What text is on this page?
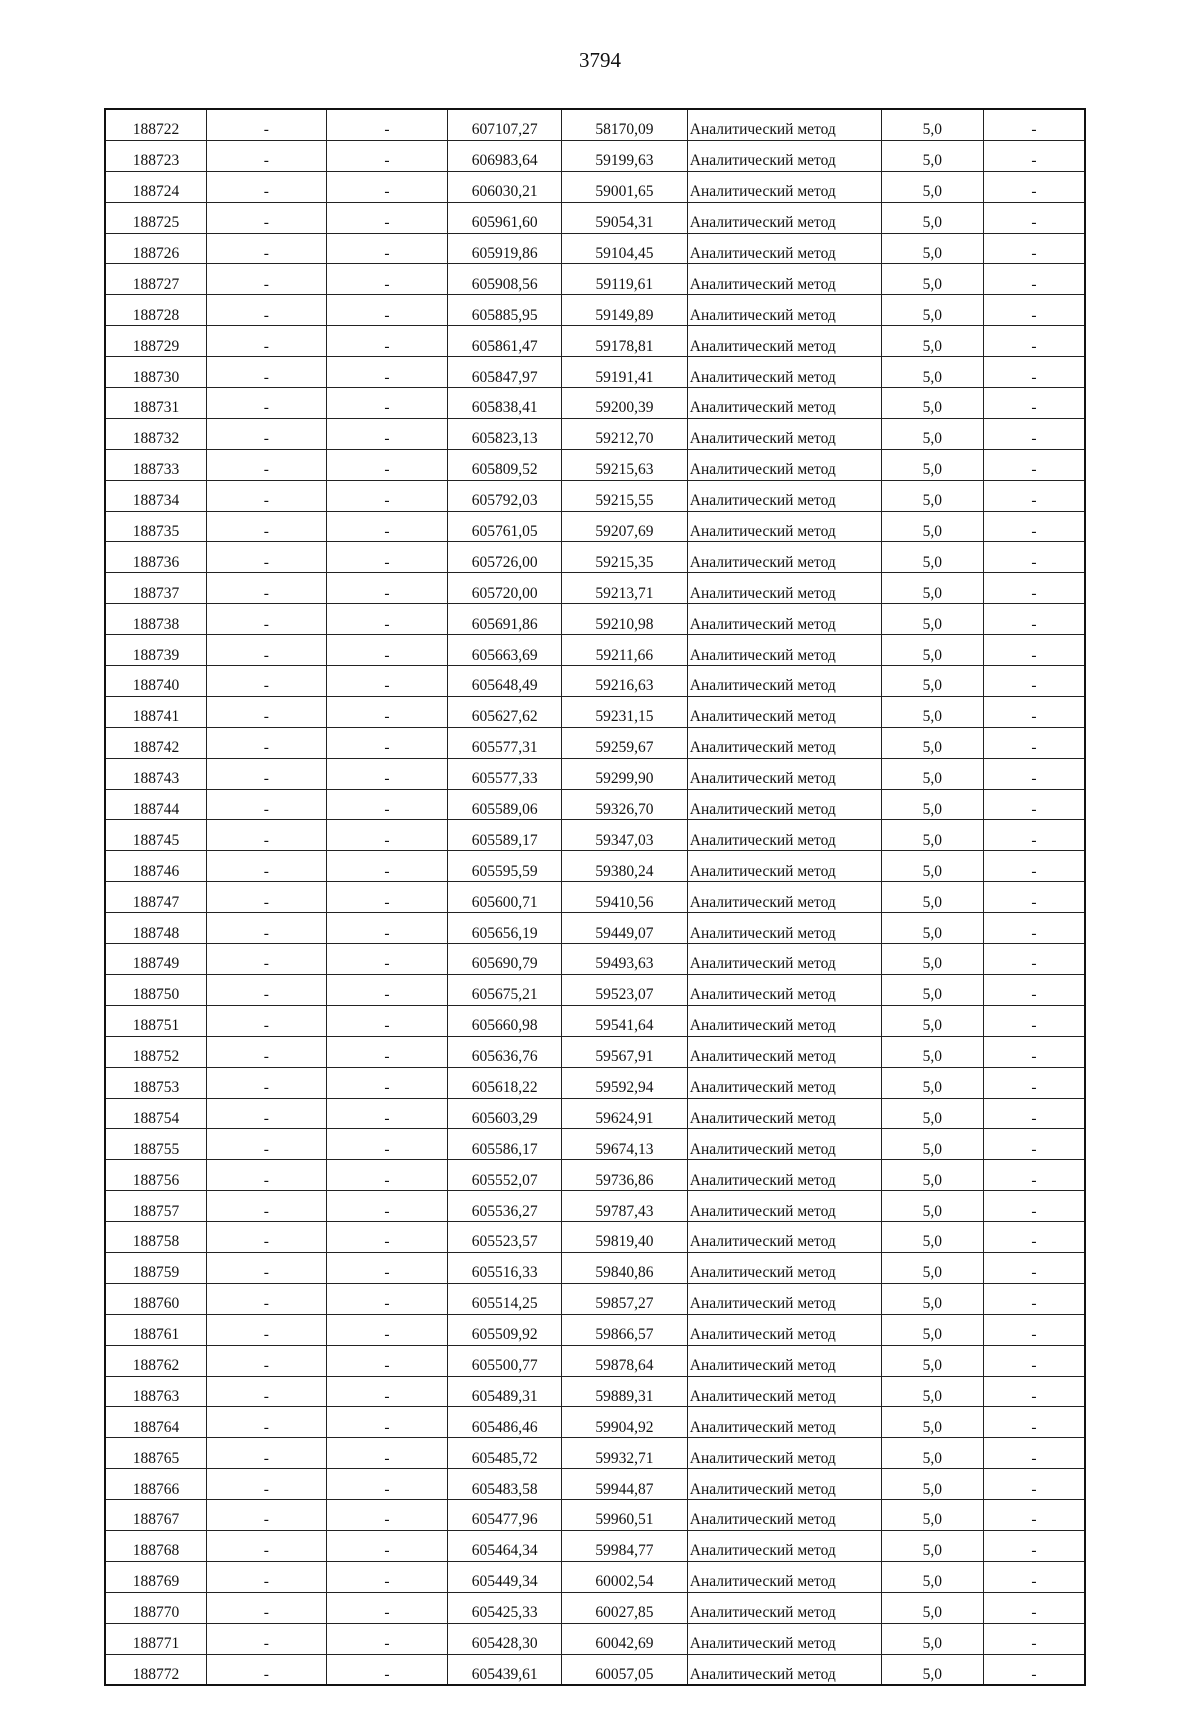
3794
188722	-	-	607107,27	58170,09	Аналитический метод	5,0	-
188723	-	-	606983,64	59199,63	Аналитический метод	5,0	-
188724	-	-	606030,21	59001,65	Аналитический метод	5,0	-
188725	-	-	605961,60	59054,31	Аналитический метод	5,0	-
188726	-	-	605919,86	59104,45	Аналитический метод	5,0	-
188727	-	-	605908,56	59119,61	Аналитический метод	5,0	-
188728	-	-	605885,95	59149,89	Аналитический метод	5,0	-
188729	-	-	605861,47	59178,81	Аналитический метод	5,0	-
188730	-	-	605847,97	59191,41	Аналитический метод	5,0	-
188731	-	-	605838,41	59200,39	Аналитический метод	5,0	-
188732	-	-	605823,13	59212,70	Аналитический метод	5,0	-
188733	-	-	605809,52	59215,63	Аналитический метод	5,0	-
188734	-	-	605792,03	59215,55	Аналитический метод	5,0	-
188735	-	-	605761,05	59207,69	Аналитический метод	5,0	-
188736	-	-	605726,00	59215,35	Аналитический метод	5,0	-
188737	-	-	605720,00	59213,71	Аналитический метод	5,0	-
188738	-	-	605691,86	59210,98	Аналитический метод	5,0	-
188739	-	-	605663,69	59211,66	Аналитический метод	5,0	-
188740	-	-	605648,49	59216,63	Аналитический метод	5,0	-
188741	-	-	605627,62	59231,15	Аналитический метод	5,0	-
188742	-	-	605577,31	59259,67	Аналитический метод	5,0	-
188743	-	-	605577,33	59299,90	Аналитический метод	5,0	-
188744	-	-	605589,06	59326,70	Аналитический метод	5,0	-
188745	-	-	605589,17	59347,03	Аналитический метод	5,0	-
188746	-	-	605595,59	59380,24	Аналитический метод	5,0	-
188747	-	-	605600,71	59410,56	Аналитический метод	5,0	-
188748	-	-	605656,19	59449,07	Аналитический метод	5,0	-
188749	-	-	605690,79	59493,63	Аналитический метод	5,0	-
188750	-	-	605675,21	59523,07	Аналитический метод	5,0	-
188751	-	-	605660,98	59541,64	Аналитический метод	5,0	-
188752	-	-	605636,76	59567,91	Аналитический метод	5,0	-
188753	-	-	605618,22	59592,94	Аналитический метод	5,0	-
188754	-	-	605603,29	59624,91	Аналитический метод	5,0	-
188755	-	-	605586,17	59674,13	Аналитический метод	5,0	-
188756	-	-	605552,07	59736,86	Аналитический метод	5,0	-
188757	-	-	605536,27	59787,43	Аналитический метод	5,0	-
188758	-	-	605523,57	59819,40	Аналитический метод	5,0	-
188759	-	-	605516,33	59840,86	Аналитический метод	5,0	-
188760	-	-	605514,25	59857,27	Аналитический метод	5,0	-
188761	-	-	605509,92	59866,57	Аналитический метод	5,0	-
188762	-	-	605500,77	59878,64	Аналитический метод	5,0	-
188763	-	-	605489,31	59889,31	Аналитический метод	5,0	-
188764	-	-	605486,46	59904,92	Аналитический метод	5,0	-
188765	-	-	605485,72	59932,71	Аналитический метод	5,0	-
188766	-	-	605483,58	59944,87	Аналитический метод	5,0	-
188767	-	-	605477,96	59960,51	Аналитический метод	5,0	-
188768	-	-	605464,34	59984,77	Аналитический метод	5,0	-
188769	-	-	605449,34	60002,54	Аналитический метод	5,0	-
188770	-	-	605425,33	60027,85	Аналитический метод	5,0	-
188771	-	-	605428,30	60042,69	Аналитический метод	5,0	-
188772	-	-	605439,61	60057,05	Аналитический метод	5,0	-
